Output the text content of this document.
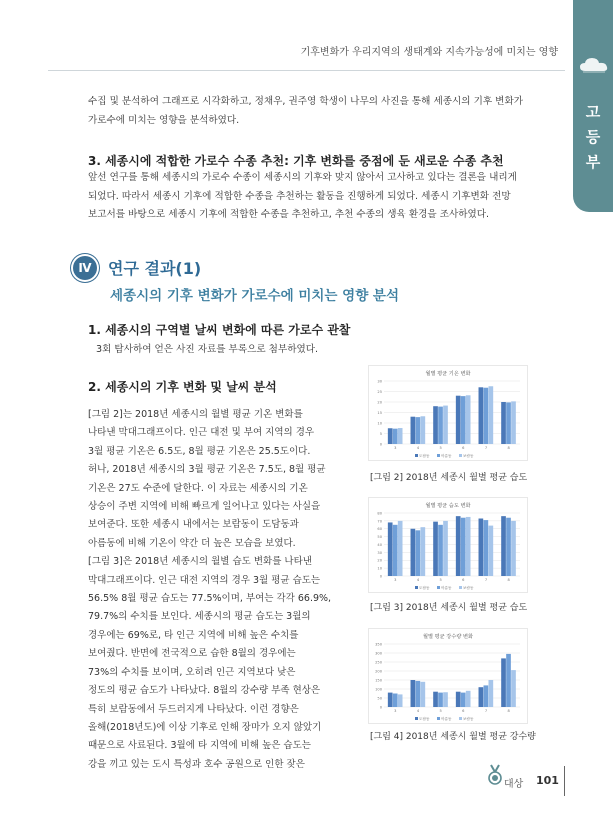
기후변화가 우리지역의 생태계와 지속가능성에 미치는 영향
고
등
부
수집 및 분석하여 그래프로 시각화하고, 정채우, 권주영 학생이 나무의 사진을 통해 세종시의 기후 변화가
가로수에 미치는 영향을 분석하였다.
3. 세종시에 적합한 가로수 수종 추천: 기후 변화를 중점에 둔 새로운 수종 추천
앞선 연구를 통해 세종시의 가로수 수종이 세종시의 기후와 맞지 않아서 고사하고 있다는 결론을 내리게
되었다. 따라서 세종시 기후에 적합한 수종을 추천하는 활동을 진행하게 되었다. 세종시 기후변화 전망
보고서를 바탕으로 세종시 기후에 적합한 수종을 추천하고, 추천 수종의 생육 환경을 조사하였다.
Ⅳ	연구 결과(1)
세종시의 기후 변화가 가로수에 미치는 영향 분석
1. 세종시의 구역별 날씨 변화에 따른 가로수 관찰
3회 탐사하여 얻은 사진 자료를 부록으로 첨부하였다.
2. 세종시의 기후 변화 및 날씨 분석
[그림 2]는 2018년 세종시의 월별 평균 기온 변화를
나타낸 막대그래프이다. 인근 대전 및 부여 지역의 경우
3월 평균 기온은 6.5도, 8월 평균 기온은 25.5도이다.
허나, 2018년 세종시의 3월 평균 기온은 7.5도, 8월 평균
기온은 27도 수준에 달한다. 이 자료는 세종시의 기온
상승이 주변 지역에 비해 빠르게 일어나고 있다는 사실을
보여준다. 또한 세종시 내에서는 보람동이 도담동과
아름동에 비해 기온이 약간 더 높은 모습을 보였다.
[그림 3]은 2018년 세종시의 월별 습도 변화를 나타낸
막대그래프이다. 인근 대전 지역의 경우 3월 평균 습도는
56.5% 8월 평균 습도는 77.5%이며, 부여는 각각 66.9%,
79.7%의 수치를 보인다. 세종시의 평균 습도는 3월의
경우에는 69%로, 타 인근 지역에 비해 높은 수치를
보여줬다. 반면에 전국적으로 습한 8월의 경우에는
73%의 수치를 보이며, 오히려 인근 지역보다 낮은
정도의 평균 습도가 나타났다. 8월의 강수량 부족 현상은
특히 보람동에서 두드러지게 나타났다. 이런 경향은
올해(2018년도)에 이상 기후로 인해 장마가 오지 않았기
때문으로 사료된다. 3월에 타 지역에 비해 높은 습도는
강을 끼고 있는 도시 특성과 호수 공원으로 인한 잦은
월별 평균 기온 변화
0
5
10
15
20
25
30
3	4	5	6	7	8
도담동	아름동	보람동
[그림 2] 2018년 세종시 월별 평균 습도
월별 평균 습도 변화
0
10
20
30
40
50
60
70
80
3	4	5	6	7	8
도담동	아름동	보람동
[그림 3] 2018년 세종시 월별 평균 습도
월별 평균 강수량 변화
0
50
100
150
200
250
300
350
3	4	5	6	7	8
도담동	아름동	보람동
[그림 4] 2018년 세종시 월별 평균 강수량
대상 101
